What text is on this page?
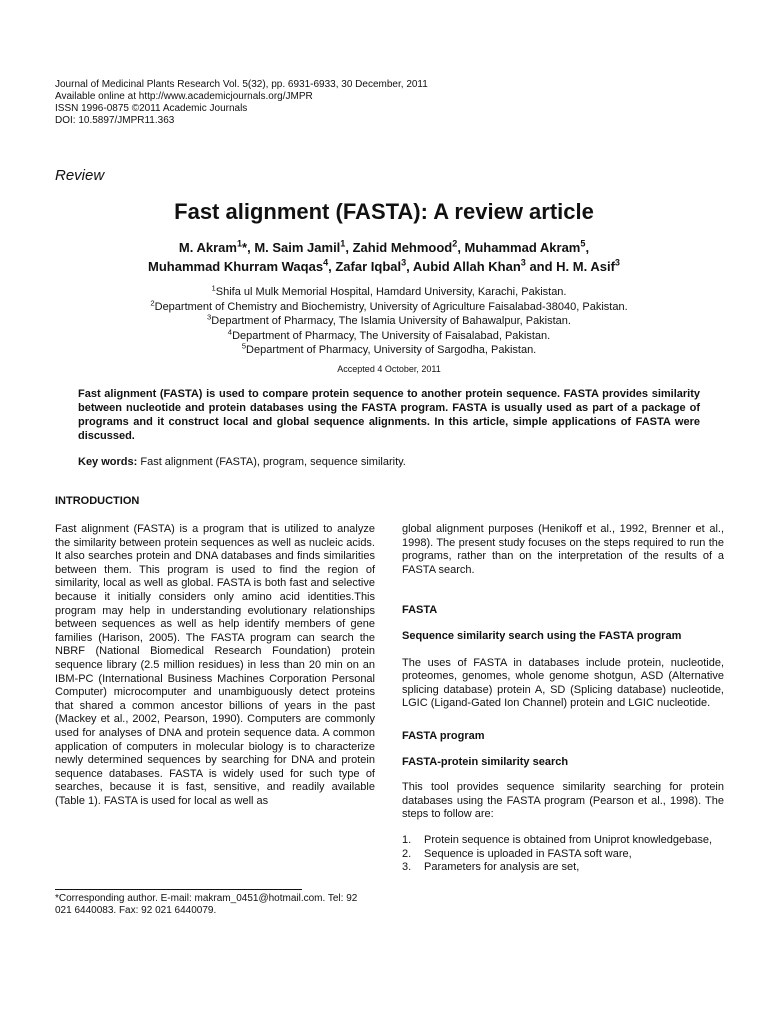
Journal of Medicinal Plants Research Vol. 5(32), pp. 6931-6933, 30 December, 2011
Available online at http://www.academicjournals.org/JMPR
ISSN 1996-0875 ©2011 Academic Journals
DOI: 10.5897/JMPR11.363
Review
Fast alignment (FASTA): A review article
M. Akram$^1$*, M. Saim Jamil$^1$, Zahid Mehmood$^2$, Muhammad Akram$^5$,
Muhammad Khurram Waqas$^4$, Zafar Iqbal$^3$, Aubid Allah Khan$^3$ and H. M. Asif$^3$
$^1$Shifa ul Mulk Memorial Hospital, Hamdard University, Karachi, Pakistan.
$^2$Department of Chemistry and Biochemistry, University of Agriculture Faisalabad-38040, Pakistan.
$^3$Department of Pharmacy, The Islamia University of Bahawalpur, Pakistan.
$^4$Department of Pharmacy, The University of Faisalabad, Pakistan.
$^5$Department of Pharmacy, University of Sargodha, Pakistan.
Accepted 4 October, 2011
Fast alignment (FASTA) is used to compare protein sequence to another protein sequence. FASTA provides similarity between nucleotide and protein databases using the FASTA program. FASTA is usually used as part of a package of programs and it construct local and global sequence alignments. In this article, simple applications of FASTA were discussed.
Key words: Fast alignment (FASTA), program, sequence similarity.
INTRODUCTION
Fast alignment (FASTA) is a program that is utilized to analyze the similarity between protein sequences as well as nucleic acids. It also searches protein and DNA databases and finds similarities between them. This program is used to find the region of similarity, local as well as global. FASTA is both fast and selective because it initially considers only amino acid identities.This program may help in understanding evolutionary relationships between sequences as well as help identify members of gene families (Harison, 2005). The FASTA program can search the NBRF (National Biomedical Research Foundation) protein sequence library (2.5 million residues) in less than 20 min on an IBM-PC (International Business Machines Corporation Personal Computer) microcomputer and unambiguously detect proteins that shared a common ancestor billions of years in the past (Mackey et al., 2002, Pearson, 1990). Computers are commonly used for analyses of DNA and protein sequence data. A common application of computers in molecular biology is to characterize newly determined sequences by searching for DNA and protein sequence databases. FASTA is widely used for such type of searches, because it is fast, sensitive, and readily available (Table 1). FASTA is used for local as well as
global alignment purposes (Henikoff et al., 1992, Brenner et al., 1998). The present study focuses on the steps required to run the programs, rather than on the interpretation of the results of a FASTA search.
FASTA
Sequence similarity search using the FASTA program
The uses of FASTA in databases include protein, nucleotide, proteomes, genomes, whole genome shotgun, ASD (Alternative splicing database) protein A, SD (Splicing database) nucleotide, LGIC (Ligand-Gated Ion Channel) protein and LGIC nucleotide.
FASTA program
FASTA-protein similarity search
This tool provides sequence similarity searching for protein databases using the FASTA program (Pearson et al., 1998). The steps to follow are:
1. Protein sequence is obtained from Uniprot knowledgebase,
2. Sequence is uploaded in FASTA soft ware,
3. Parameters for analysis are set,
*Corresponding author. E-mail: makram_0451@hotmail.com. Tel: 92 021 6440083. Fax: 92 021 6440079.
